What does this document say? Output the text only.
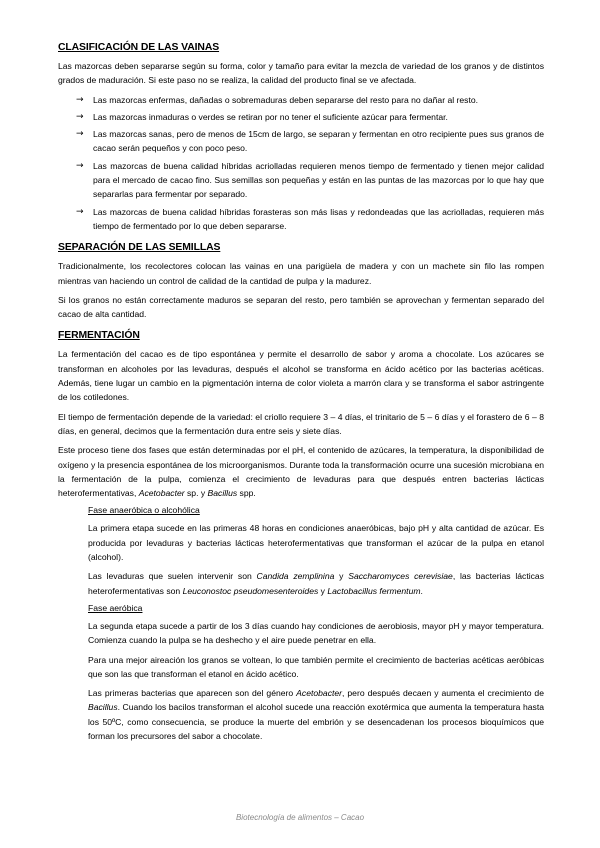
CLASIFICACIÓN DE LAS VAINAS
Las mazorcas deben separarse según su forma, color y tamaño para evitar la mezcla de variedad de los granos y de distintos grados de maduración. Si este paso no se realiza, la calidad del producto final se ve afectada.
→ Las mazorcas enfermas, dañadas o sobremaduras deben separarse del resto para no dañar al resto.
→ Las mazorcas inmaduras o verdes se retiran por no tener el suficiente azúcar para fermentar.
→ Las mazorcas sanas, pero de menos de 15cm de largo, se separan y fermentan en otro recipiente pues sus granos de cacao serán pequeños y con poco peso.
→ Las mazorcas de buena calidad híbridas acriolladas requieren menos tiempo de fermentado y tienen mejor calidad para el mercado de cacao fino. Sus semillas son pequeñas y están en las puntas de las mazorcas por lo que hay que separarlas para fermentar por separado.
→ Las mazorcas de buena calidad híbridas forasteras son más lisas y redondeadas que las acriolladas, requieren más tiempo de fermentado por lo que deben separarse.
SEPARACIÓN DE LAS SEMILLAS
Tradicionalmente, los recolectores colocan las vainas en una parigüela de madera y con un machete sin filo las rompen mientras van haciendo un control de calidad de la cantidad de pulpa y la madurez.
Si los granos no están correctamente maduros se separan del resto, pero también se aprovechan y fermentan separado del cacao de alta cantidad.
FERMENTACIÓN
La fermentación del cacao es de tipo espontánea y permite el desarrollo de sabor y aroma a chocolate. Los azúcares se transforman en alcoholes por las levaduras, después el alcohol se transforma en ácido acético por las bacterias acéticas. Además, tiene lugar un cambio en la pigmentación interna de color violeta a marrón clara y se transforma el sabor astringente de los cotiledones.
El tiempo de fermentación depende de la variedad: el criollo requiere 3 – 4 días, el trinitario de 5 – 6 días y el forastero de 6 – 8 días, en general, decimos que la fermentación dura entre seis y siete días.
Este proceso tiene dos fases que están determinadas por el pH, el contenido de azúcares, la temperatura, la disponibilidad de oxígeno y la presencia espontánea de los microorganismos. Durante toda la transformación ocurre una sucesión microbiana en la fermentación de la pulpa, comienza el crecimiento de levaduras para que después entren bacterias lácticas heterofermentativas, Acetobacter sp. y Bacillus spp.
Fase anaeróbica o alcohólica
La primera etapa sucede en las primeras 48 horas en condiciones anaeróbicas, bajo pH y alta cantidad de azúcar. Es producida por levaduras y bacterias lácticas heterofermentativas que transforman el azúcar de la pulpa en etanol (alcohol).
Las levaduras que suelen intervenir son Candida zemplinina y Saccharomyces cerevisiae, las bacterias lácticas heterofermentativas son Leuconostoc pseudomesenteroides y Lactobacillus fermentum.
Fase aeróbica
La segunda etapa sucede a partir de los 3 días cuando hay condiciones de aerobiosis, mayor pH y mayor temperatura. Comienza cuando la pulpa se ha deshecho y el aire puede penetrar en ella.
Para una mejor aireación los granos se voltean, lo que también permite el crecimiento de bacterias acéticas aeróbicas que son las que transforman el etanol en ácido acético.
Las primeras bacterias que aparecen son del género Acetobacter, pero después decaen y aumenta el crecimiento de Bacillus. Cuando los bacilos transforman el alcohol sucede una reacción exotérmica que aumenta la temperatura hasta los 50ºC, como consecuencia, se produce la muerte del embrión y se desencadenan los procesos bioquímicos que forman los precursores del sabor a chocolate.
Biotecnología de alimentos – Cacao
